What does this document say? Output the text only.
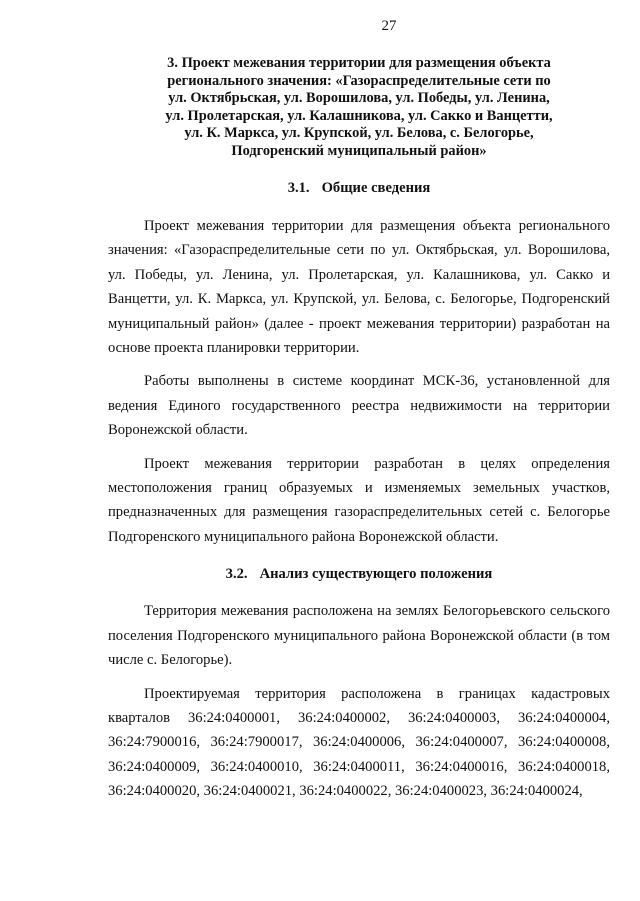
27
3. Проект межевания территории для размещения объекта
регионального значения: «Газораспределительные сети по
ул. Октябрьская, ул. Ворошилова, ул. Победы, ул. Ленина,
ул. Пролетарская, ул. Калашникова, ул. Сакко и Ванцетти,
ул. К. Маркса, ул. Крупской, ул. Белова, с. Белогорье,
Подгоренский муниципальный район»
3.1. Общие сведения

Проект межевания территории для размещения объекта регионального значения: «Газораспределительные сети по ул. Октябрьская, ул. Ворошилова, ул. Победы, ул. Ленина, ул. Пролетарская, ул. Калашникова, ул. Сакко и Ванцетти, ул. К. Маркса, ул. Крупской, ул. Белова, с. Белогорье, Подгоренский муниципальный район» (далее - проект межевания территории) разработан на основе проекта планировки территории.

Работы выполнены в системе координат МСК-36, установленной для ведения Единого государственного реестра недвижимости на территории Воронежской области.

Проект межевания территории разработан в целях определения местоположения границ образуемых и изменяемых земельных участков, предназначенных для размещения газораспределительных сетей с. Белогорье Подгоренского муниципального района Воронежской области.

3.2. Анализ существующего положения

Территория межевания расположена на землях Белогорьевского сельского поселения Подгоренского муниципального района Воронежской области (в том числе с. Белогорье).

Проектируемая территория расположена в границах кадастровых кварталов 36:24:0400001, 36:24:0400002, 36:24:0400003, 36:24:0400004, 36:24:7900016, 36:24:7900017, 36:24:0400006, 36:24:0400007, 36:24:0400008, 36:24:0400009, 36:24:0400010, 36:24:0400011, 36:24:0400016, 36:24:0400018, 36:24:0400020, 36:24:0400021, 36:24:0400022, 36:24:0400023, 36:24:0400024,
